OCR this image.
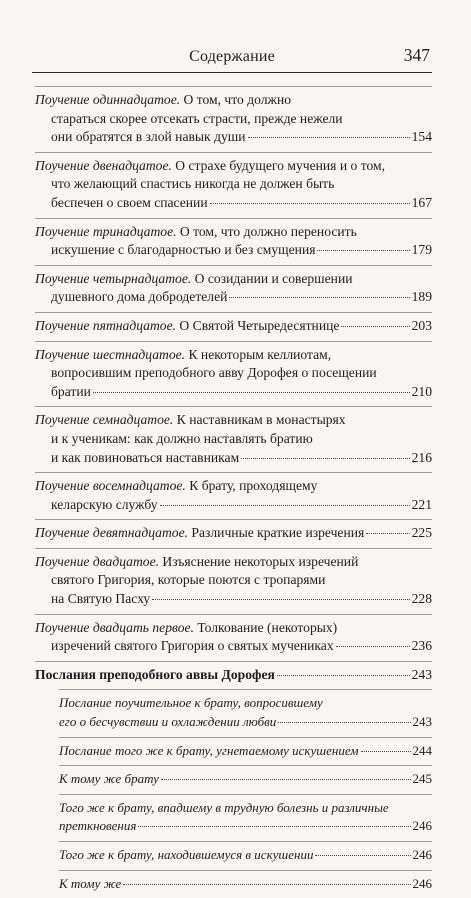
Содержание	347
Поучение одиннадцатое. О том, что должно
стараться скорее отсекать страсти, прежде нежели
они обратятся в злой навык души	154
Поучение двенадцатое. О страхе будущего мучения и о том,
что желающий спастись никогда не должен быть
беспечен о своем спасении	167
Поучение тринадцатое. О том, что должно переносить
искушение с благодарностью и без смущения	179
Поучение четырнадцатое. О созидании и совершении
душевного дома добродетелей	189
Поучение пятнадцатое. О Святой Четыредесятнице	203
Поучение шестнадцатое. К некоторым келлиотам,
вопросившим преподобного авву Дорофея о посещении
братии	210
Поучение семнадцатое. К наставникам в монастырях
и к ученикам: как должно наставлять братию
и как повиноваться наставникам	216
Поучение восемнадцатое. К брату, проходящему
келарскую службу	221
Поучение девятнадцатое. Различные краткие изречения	225
Поучение двадцатое. Изъяснение некоторых изречений
святого Григория, которые поются с тропарями
на Святую Пасху	228
Поучение двадцать первое. Толкование (некоторых)
изречений святого Григория о святых мучениках	236
Послания преподобного аввы Дорофея	243
Послание поучительное к брату, вопросившему
его о бесчувствии и охлаждении любви	243
Послание того же к брату, угнетаемому искушением	244
К тому же брату	245
Того же к брату, впадшему в трудную болезнь и различные
преткновения	246
Того же к брату, находившемуся в искушении	246
К тому же	246
